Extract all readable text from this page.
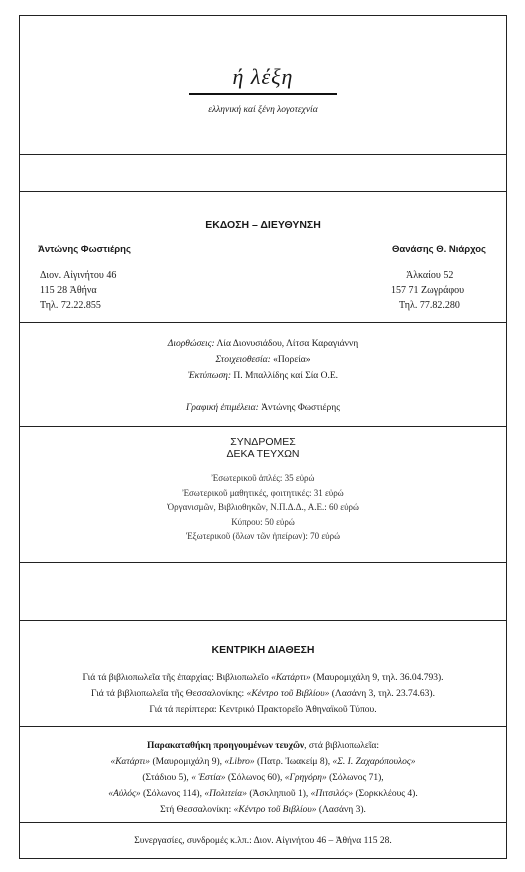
ή λέξη
ελληνική καί ξένη λογοτεχνία
ΕΚΔΟΣΗ – ΔΙΕΥΘΥΝΣΗ
Ἀντώνης Φωστιέρης
Διον. Αἰγινήτου 46
115 28 Ἀθήνα
Τηλ. 72.22.855
Θανάσης Θ. Νιάρχος
Ἀλκαίου 52
157 71 Ζωγράφου
Τηλ. 77.82.280
Διορθώσεις: Λία Διονυσιάδου, Λίτσα Καραγιάννη
Στοιχειοθεσία: «Πορεία»
Ἐκτύπωση: Π. Μπαλλίδης καί Σία Ο.Ε.
Γραφική ἐπιμέλεια: Ἀντώνης Φωστιέρης
ΣΥΝΔΡΟΜΕΣ
ΔΕΚΑ ΤΕΥΧΩΝ
Ἐσωτερικοῦ ἁπλές: 35 εὐρώ
Ἐσωτερικοῦ μαθητικές, φοιτητικές: 31 εὐρώ
Ὀργανισμῶν, Βιβλιοθηκῶν, Ν.Π.Δ.Δ., Α.Ε.: 60 εὐρώ
Κύπρου: 50 εὐρώ
Ἐξωτερικοῦ (ὅλων τῶν ἠπείρων): 70 εὐρώ
ΚΕΝΤΡΙΚΗ ΔΙΑΘΕΣΗ
Γιά τά βιβλιοπωλεῖα τῆς ἐπαρχίας: Βιβλιοπωλεῖο «Κατάρτι» (Μαυρομιχάλη 9, τηλ. 36.04.793).
Γιά τά βιβλιοπωλεῖα τῆς Θεσσαλονίκης: «Κέντρο τοῦ Βιβλίου» (Λασάνη 3, τηλ. 23.74.63).
Γιά τά περίπτερα: Κεντρικό Πρακτορεῖο Ἀθηναϊκοῦ Τύπου.
Παρακαταθήκη προηγουμένων τευχῶν, στά βιβλιοπωλεῖα:
«Κατάρτι» (Μαυρομιχάλη 9), «Libro» (Πατρ. Ἰωακείμ 8), «Σ. Ι. Ζαχαρόπουλος»
(Στάδιου 5), « Ἑστία» (Σόλωνος 60), «Γρηγόρη» (Σόλωνος 71),
«Αὐλός» (Σόλωνος 114), «Πολιτεία» (Ἀσκληπιοῦ 1), «Πιτσιλός» (Σορκκλέους 4).
Στή Θεσσαλονίκη: «Κέντρο τοῦ Βιβλίου» (Λασάνη 3).
Συνεργασίες, συνδρομές κ.λπ.: Διον. Αἰγινήτου 46 – Ἀθήνα 115 28.
